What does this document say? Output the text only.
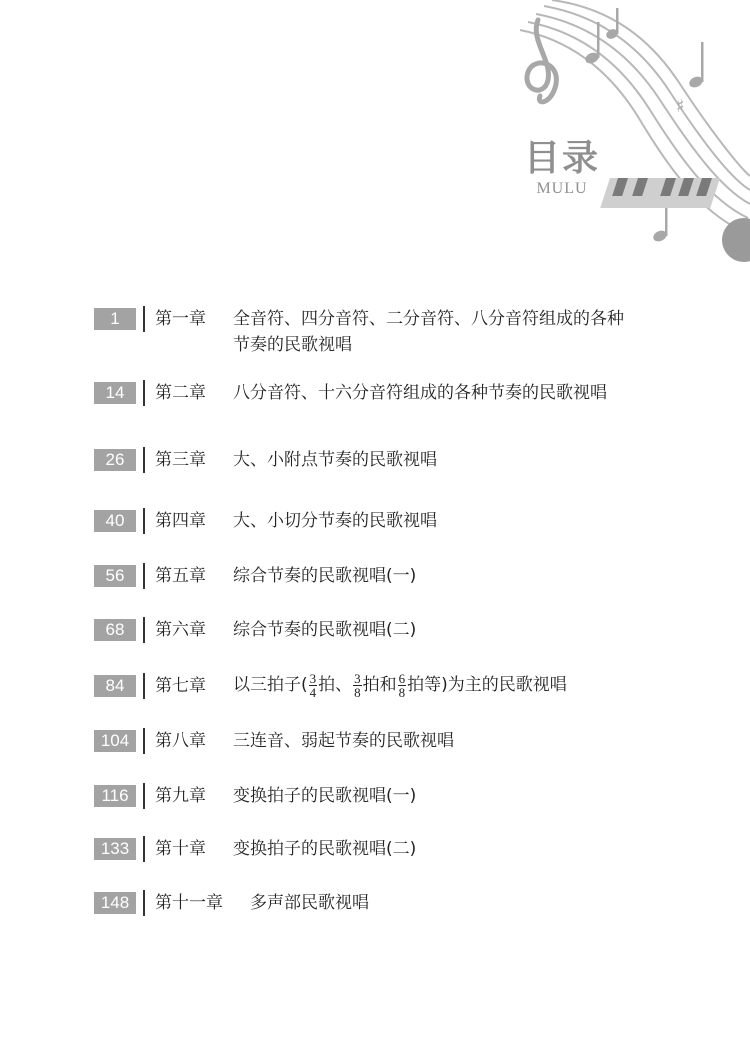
♯
目录
MULU
1	第一章 全音符、四分音符、二分音符、八分音符组成的各种
节奏的民歌视唱
14	第二章 八分音符、十六分音符组成的各种节奏的民歌视唱
26	第三章 大、小附点节奏的民歌视唱
40	第四章 大、小切分节奏的民歌视唱
56	第五章 综合节奏的民歌视唱(一)
68	第六章 综合节奏的民歌视唱(二)
84	第七章 以三拍子( $\frac{3}{4}$ 拍、 $\frac{3}{8}$ 拍和 $\frac{6}{8}$ 拍等)为主的民歌视唱
104	第八章 三连音、弱起节奏的民歌视唱
116	第九章 变换拍子的民歌视唱(一)
133	第十章 变换拍子的民歌视唱(二)
148	第十一章 多声部民歌视唱
